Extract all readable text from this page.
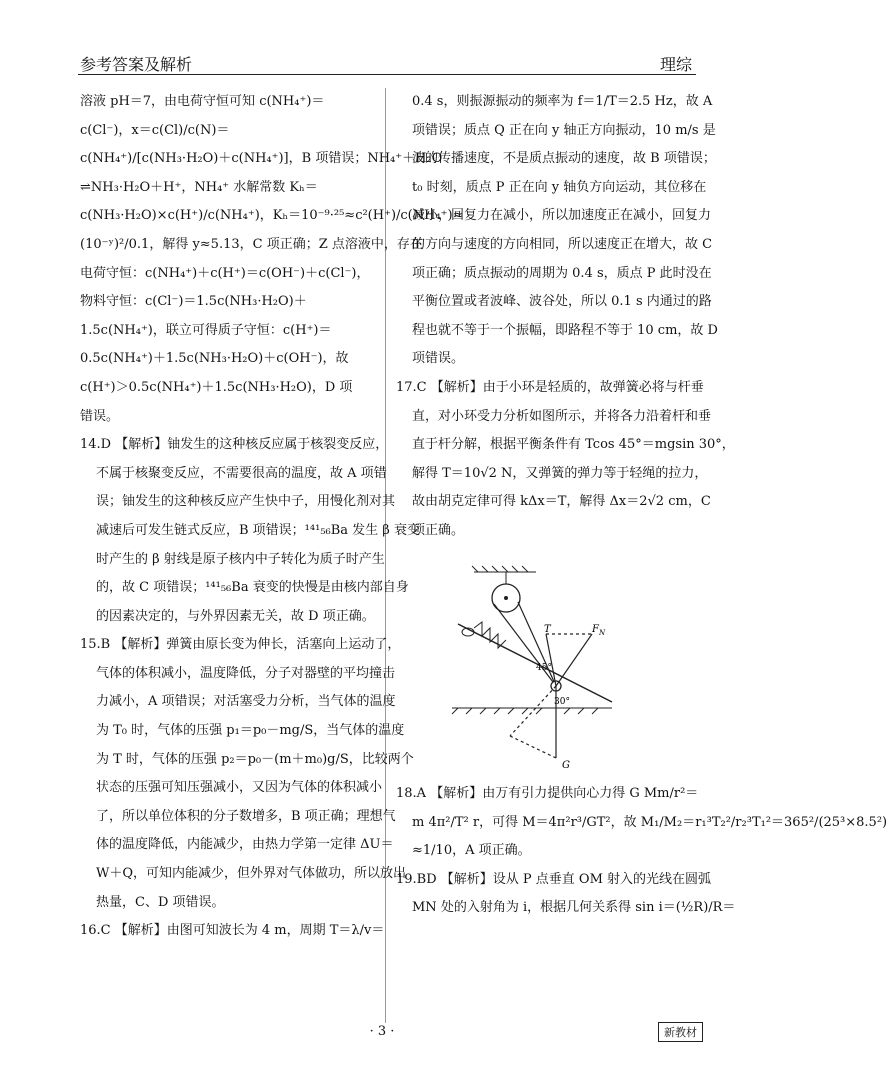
参考答案及解析	理综
溶液 pH＝7，由电荷守恒可知 c(NH₄⁺)＝
c(Cl⁻)，x＝c(Cl)/c(N)＝
c(NH₄⁺)/[c(NH₃·H₂O)＋c(NH₄⁺)]，B 项错误；NH₄⁺＋H₂O
⇌NH₃·H₂O＋H⁺，NH₄⁺ 水解常数 Kₕ＝
c(NH₃·H₂O)×c(H⁺)/c(NH₄⁺)，Kₕ＝10⁻⁹·²⁵≈c²(H⁺)/c(NH₄⁺)≈
(10⁻ʸ)²/0.1，解得 y≈5.13，C 项正确；Z 点溶液中，存在
电荷守恒：c(NH₄⁺)＋c(H⁺)＝c(OH⁻)＋c(Cl⁻)，
物料守恒：c(Cl⁻)＝1.5c(NH₃·H₂O)＋
1.5c(NH₄⁺)，联立可得质子守恒：c(H⁺)＝
0.5c(NH₄⁺)＋1.5c(NH₃·H₂O)＋c(OH⁻)，故
c(H⁺)＞0.5c(NH₄⁺)＋1.5c(NH₃·H₂O)，D 项
错误。
14.D 【解析】铀发生的这种核反应属于核裂变反应，
不属于核聚变反应，不需要很高的温度，故 A 项错
误；铀发生的这种核反应产生快中子，用慢化剂对其
减速后可发生链式反应，B 项错误；¹⁴¹₅₆Ba 发生 β 衰变
时产生的 β 射线是原子核内中子转化为质子时产生
的，故 C 项错误；¹⁴¹₅₆Ba 衰变的快慢是由核内部自身
的因素决定的，与外界因素无关，故 D 项正确。
15.B 【解析】弹簧由原长变为伸长，活塞向上运动了，
气体的体积减小，温度降低，分子对器壁的平均撞击
力减小，A 项错误；对活塞受力分析，当气体的温度
为 T₀ 时，气体的压强 p₁＝p₀－mg/S，当气体的温度
为 T 时，气体的压强 p₂＝p₀－(m＋m₀)g/S，比较两个
状态的压强可知压强减小，又因为气体的体积减小
了，所以单位体积的分子数增多，B 项正确；理想气
体的温度降低，内能减少，由热力学第一定律 ΔU＝
W＋Q，可知内能减少，但外界对气体做功，所以放出
热量，C、D 项错误。
16.C 【解析】由图可知波长为 4 m，周期 T＝λ/v＝
0.4 s，则振源振动的频率为 f＝1/T＝2.5 Hz，故 A
项错误；质点 Q 正在向 y 轴正方向振动，10 m/s 是
波的传播速度，不是质点振动的速度，故 B 项错误；
t₀ 时刻，质点 P 正在向 y 轴负方向运动，其位移在
减小，回复力在减小，所以加速度正在减小，回复力
的方向与速度的方向相同，所以速度正在增大，故 C
项正确；质点振动的周期为 0.4 s，质点 P 此时没在
平衡位置或者波峰、波谷处，所以 0.1 s 内通过的路
程也就不等于一个振幅，即路程不等于 10 cm，故 D
项错误。
17.C 【解析】由于小环是轻质的，故弹簧必将与杆垂
直，对小环受力分析如图所示，并将各力沿着杆和垂
直于杆分解，根据平衡条件有 Tcos 45°＝mgsin 30°，
解得 T＝10√2 N，又弹簧的弹力等于轻绳的拉力，
故由胡克定律可得 kΔx＝T，解得 Δx＝2√2 cm，C
项正确。
18.A 【解析】由万有引力提供向心力得 G Mm/r²＝
m 4π²/T² r，可得 M＝4π²r³/GT²，故 M₁/M₂＝r₁³T₂²/r₂³T₁²＝365²/(25³×8.5²)
≈1/10，A 项正确。
19.BD 【解析】设从 P 点垂直 OM 射入的光线在圆弧
MN 处的入射角为 i，根据几何关系得 sin i＝(½R)/R＝
T	$F_N$
45°
30°
G
· 3 ·	新教材
